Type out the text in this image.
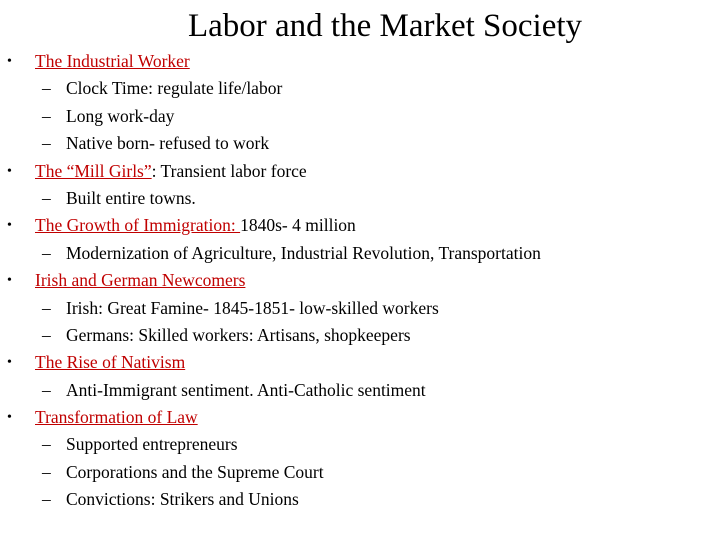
Labor and the Market Society
• The Industrial Worker
– Clock Time: regulate life/labor
– Long work-day
– Native born- refused to work
• The “Mill Girls”: Transient labor force
– Built entire towns.
• The Growth of Immigration: 1840s- 4 million
– Modernization of Agriculture, Industrial Revolution, Transportation
• Irish and German Newcomers
– Irish: Great Famine- 1845-1851- low-skilled workers
– Germans: Skilled workers: Artisans, shopkeepers
• The Rise of Nativism
– Anti-Immigrant sentiment. Anti-Catholic sentiment
• Transformation of Law
– Supported entrepreneurs
– Corporations and the Supreme Court
– Convictions: Strikers and Unions
